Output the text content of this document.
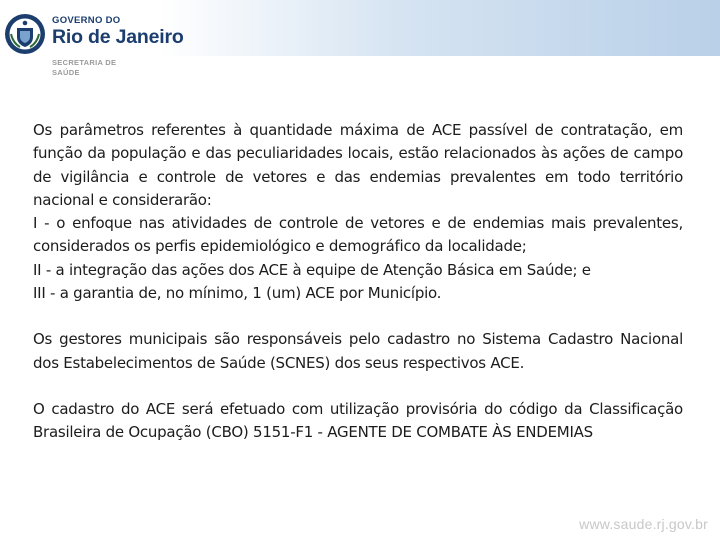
GOVERNO DO
Rio de Janeiro
SECRETARIA DE
SAÚDE

Os parâmetros referentes à quantidade máxima de ACE passível de contratação, em função da população e das peculiaridades locais, estão relacionados às ações de campo de vigilância e controle de vetores e das endemias prevalentes em todo território nacional e considerarão:

I - o enfoque nas atividades de controle de vetores e de endemias mais prevalentes, considerados os perfis epidemiológico e demográfico da localidade;

II - a integração das ações dos ACE à equipe de Atenção Básica em Saúde; e

III - a garantia de, no mínimo, 1 (um) ACE por Município.

Os gestores municipais são responsáveis pelo cadastro no Sistema Cadastro Nacional dos Estabelecimentos de Saúde (SCNES) dos seus respectivos ACE.

O cadastro do ACE será efetuado com utilização provisória do código da Classificação Brasileira de Ocupação (CBO) 5151-F1 - AGENTE DE COMBATE ÀS ENDEMIAS

www.saude.rj.gov.br
